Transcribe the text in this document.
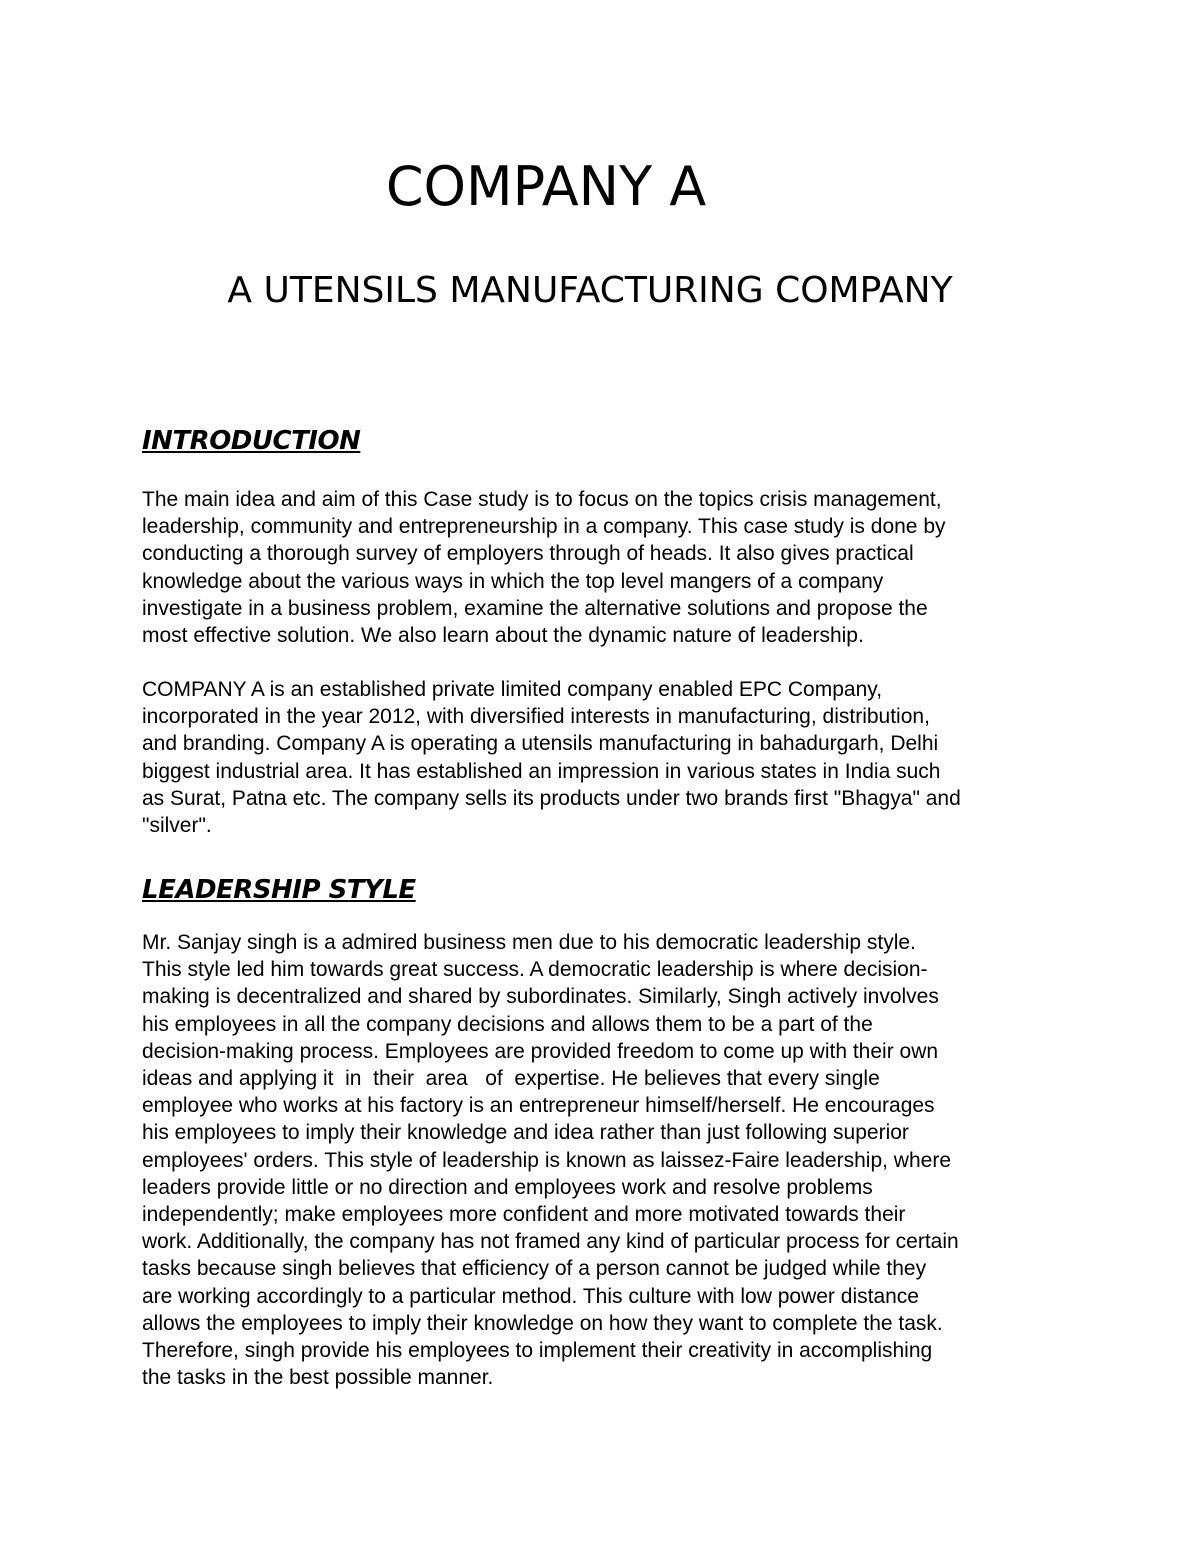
COMPANY A
A UTENSILS MANUFACTURING COMPANY
INTRODUCTION

The main idea and aim of this Case study is to focus on the topics crisis management,
leadership, community and entrepreneurship in a company. This case study is done by
conducting a thorough survey of employers through of heads. It also gives practical
knowledge about the various ways in which the top level mangers of a company
investigate in a business problem, examine the alternative solutions and propose the
most effective solution. We also learn about the dynamic nature of leadership.

COMPANY A is an established private limited company enabled EPC Company,
incorporated in the year 2012, with diversified interests in manufacturing, distribution,
and branding. Company A is operating a utensils manufacturing in bahadurgarh, Delhi
biggest industrial area. It has established an impression in various states in India such
as Surat, Patna etc. The company sells its products under two brands first "Bhagya" and
"silver".

LEADERSHIP STYLE

Mr. Sanjay singh is a admired business men due to his democratic leadership style.
This style led him towards great success. A democratic leadership is where decision-
making is decentralized and shared by subordinates. Similarly, Singh actively involves
his employees in all the company decisions and allows them to be a part of the
decision-making process. Employees are provided freedom to come up with their own
ideas and applying it  in  their  area   of  expertise. He believes that every single
employee who works at his factory is an entrepreneur himself/herself. He encourages
his employees to imply their knowledge and idea rather than just following superior
employees' orders. This style of leadership is known as laissez-Faire leadership, where
leaders provide little or no direction and employees work and resolve problems
independently; make employees more confident and more motivated towards their
work. Additionally, the company has not framed any kind of particular process for certain
tasks because singh believes that efficiency of a person cannot be judged while they
are working accordingly to a particular method. This culture with low power distance
allows the employees to imply their knowledge on how they want to complete the task.
Therefore, singh provide his employees to implement their creativity in accomplishing
the tasks in the best possible manner.
